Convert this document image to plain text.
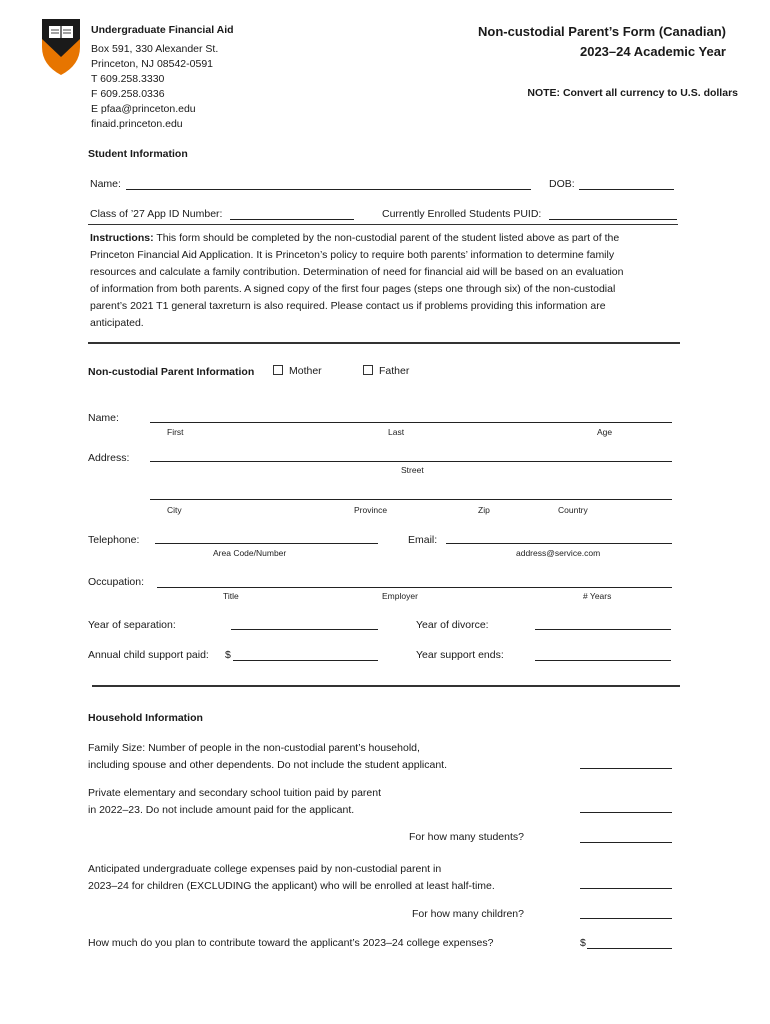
Undergraduate Financial Aid
Box 591, 330 Alexander St.
Princeton, NJ 08542-0591
T 609.258.3330
F 609.258.0336
E pfaa@princeton.edu
finaid.princeton.edu
Non-custodial Parent’s Form (Canadian)
2023–24 Academic Year
NOTE: Convert all currency to U.S. dollars
Student Information
Name:	DOB:
Class of ’27 App ID Number:	Currently Enrolled Students PUID:
Instructions: This form should be completed by the non-custodial parent of the student listed above as part of the
Princeton Financial Aid Application. It is Princeton’s policy to require both parents’ information to determine family
resources and calculate a family contribution. Determination of need for financial aid will be based on an evaluation
of information from both parents. A signed copy of the first four pages (steps one through six) of the non-custodial
parent’s 2021 T1 general taxreturn is also required. Please contact us if problems providing this information are
anticipated.
Non-custodial Parent Information	Mother	Father
Name:
First	Last	Age
Address:
Street
City	Province	Zip	Country
Telephone:
Area Code/Number
Email:
address@service.com
Occupation:
Title	Employer	# Years
Year of separation:	Year of divorce:
Annual child support paid: $	Year support ends:
Household Information
Family Size: Number of people in the non-custodial parent’s household,
including spouse and other dependents. Do not include the student applicant.
Private elementary and secondary school tuition paid by parent
in 2022–23. Do not include amount paid for the applicant.
For how many students?
Anticipated undergraduate college expenses paid by non-custodial parent in
2023–24 for children (EXCLUDING the applicant) who will be enrolled at least half-time.
For how many children?
How much do you plan to contribute toward the applicant’s 2023–24 college expenses?	$
